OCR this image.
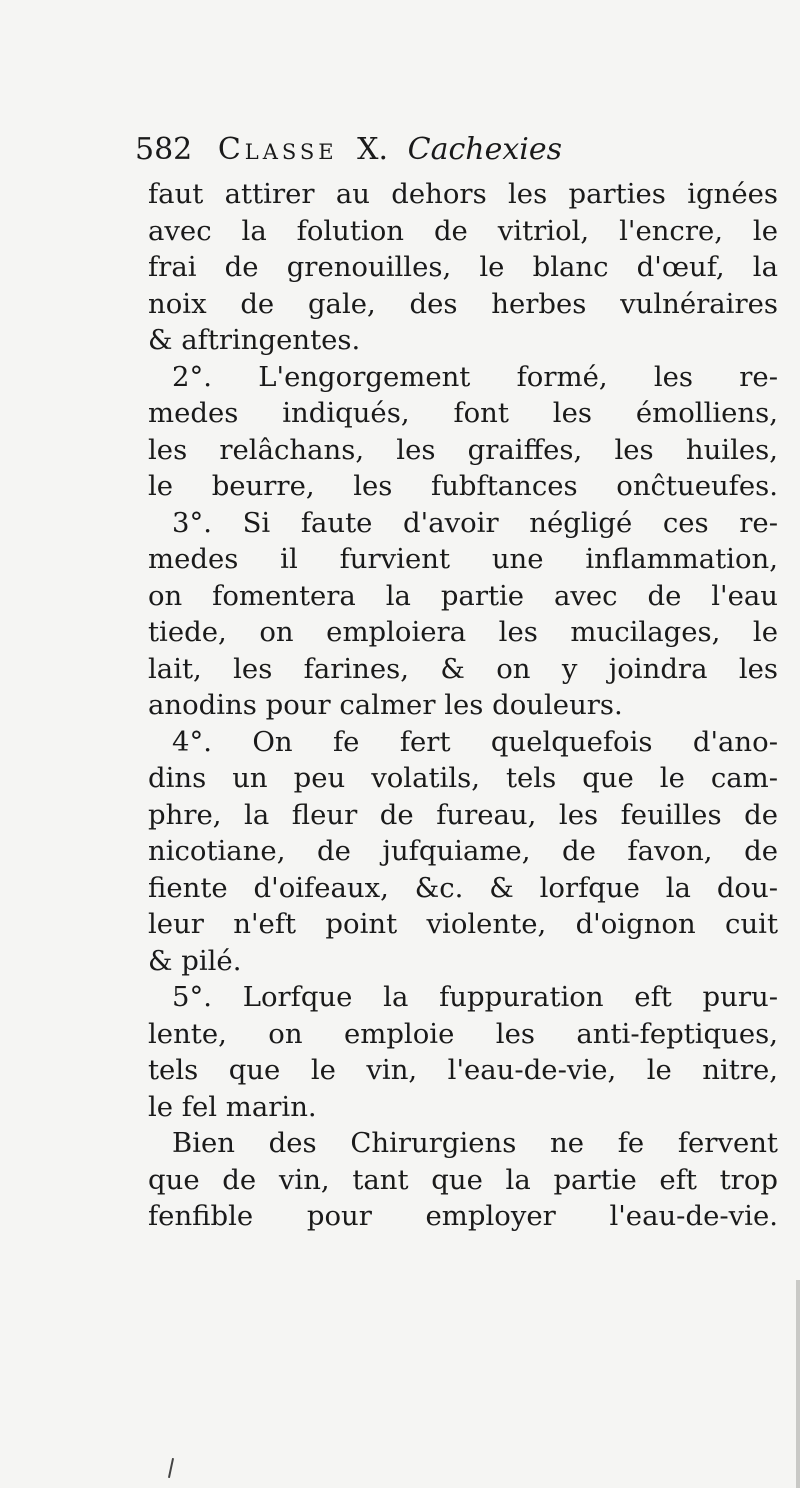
582 Classe X. Cachexies
faut attirer au dehors les parties ignées
avec la folution de vitriol, l'encre, le
frai de grenouilles, le blanc d'œuf, la
noix de gale, des herbes vulnéraires
& aftringentes.
2°. L'engorgement formé, les re-
medes indiqués, font les émolliens,
les relâchans, les graiffes, les huiles,
le beurre, les fubftances onĉtueufes.
3°. Si faute d'avoir négligé ces re-
medes il furvient une inflammation,
on fomentera la partie avec de l'eau
tiede, on emploiera les mucilages, le
lait, les farines, & on y joindra les
anodins pour calmer les douleurs.
4°. On fe fert quelquefois d'ano-
dins un peu volatils, tels que le cam-
phre, la fleur de fureau, les feuilles de
nicotiane, de jufquiame, de favon, de
fiente d'oifeaux, &c. & lorfque la dou-
leur n'eft point violente, d'oignon cuit
& pilé.
5°. Lorfque la fuppuration eft puru-
lente, on emploie les anti-feptiques,
tels que le vin, l'eau-de-vie, le nitre,
le fel marin.
Bien des Chirurgiens ne fe fervent
que de vin, tant que la partie eft trop
fenfible pour employer l'eau-de-vie.
